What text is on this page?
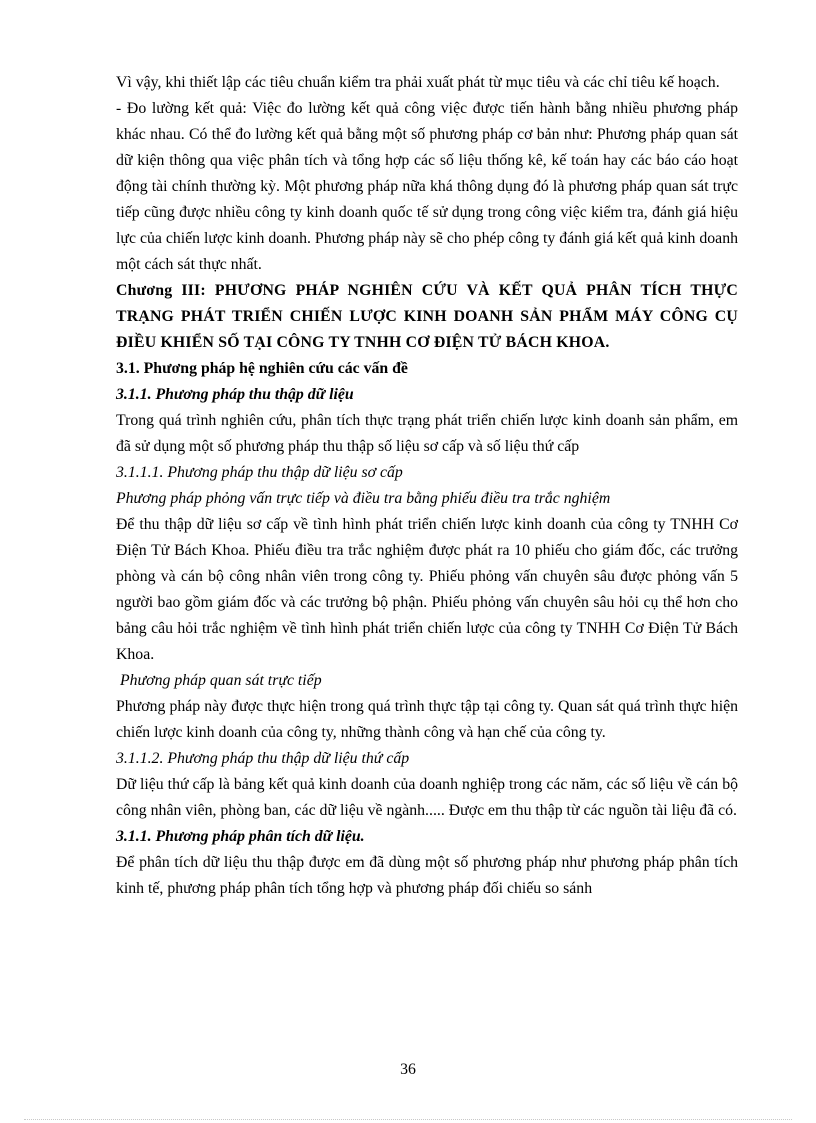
Vì vậy, khi thiết lập các tiêu chuẩn kiểm tra phải xuất phát từ mục tiêu và các chỉ tiêu kế hoạch.

- Đo lường kết quả: Việc đo lường kết quả công việc được tiến hành bằng nhiều phương pháp khác nhau. Có thể đo lường kết quả bằng một số phương pháp cơ bản như: Phương pháp quan sát dữ kiện thông qua việc phân tích và tổng hợp các số liệu thống kê, kế toán hay các báo cáo hoạt động tài chính thường kỳ. Một phương pháp nữa khá thông dụng đó là phương pháp quan sát trực tiếp cũng được nhiều công ty kinh doanh quốc tế sử dụng trong công việc kiểm tra, đánh giá hiệu lực của chiến lược kinh doanh. Phương pháp này sẽ cho phép công ty đánh giá kết quả kinh doanh một cách sát thực nhất.

Chương III: PHƯƠNG PHÁP NGHIÊN CỨU VÀ KẾT QUẢ PHÂN TÍCH THỰC TRẠNG PHÁT TRIỂN CHIẾN LƯỢC KINH DOANH SẢN PHẨM MÁY CÔNG CỤ ĐIỀU KHIỂN SỐ TẠI CÔNG TY TNHH CƠ ĐIỆN TỬ BÁCH KHOA.

3.1. Phương pháp hệ nghiên cứu các vấn đề

3.1.1. Phương pháp thu thập dữ liệu

Trong quá trình nghiên cứu, phân tích thực trạng phát triển chiến lược kinh doanh sản phẩm, em đã sử dụng một số phương pháp thu thập số liệu sơ cấp và số liệu thứ cấp

3.1.1.1. Phương pháp thu thập dữ liệu sơ cấp

Phương pháp phỏng vấn trực tiếp và điều tra bằng phiếu điều tra trắc nghiệm

Để thu thập dữ liệu sơ cấp về tình hình phát triển chiến lược kinh doanh của công ty TNHH Cơ Điện Tử Bách Khoa. Phiếu điều tra trắc nghiệm được phát ra 10 phiếu cho giám đốc, các trưởng phòng và cán bộ công nhân viên trong công ty. Phiếu phỏng vấn chuyên sâu được phỏng vấn 5 người bao gồm giám đốc và các trưởng bộ phận. Phiếu phỏng vấn chuyên sâu hỏi cụ thể hơn cho bảng câu hỏi trắc nghiệm về tình hình phát triển chiến lược của công ty TNHH Cơ Điện Tử Bách Khoa.

Phương pháp quan sát trực tiếp

Phương pháp này được thực hiện trong quá trình thực tập tại công ty. Quan sát quá trình thực hiện chiến lược kinh doanh của công ty, những thành công và hạn chế của công ty.

3.1.1.2. Phương pháp thu thập dữ liệu thứ cấp

Dữ liệu thứ cấp là bảng kết quả kinh doanh của doanh nghiệp trong các năm, các số liệu về cán bộ công nhân viên, phòng ban, các dữ liệu về ngành..... Được em thu thập từ các nguồn tài liệu đã có.

3.1.1. Phương pháp phân tích dữ liệu.

Để phân tích dữ liệu thu thập được em đã dùng một số phương pháp như phương pháp phân tích kinh tế, phương pháp phân tích tổng hợp và phương pháp đối chiếu so sánh

36
